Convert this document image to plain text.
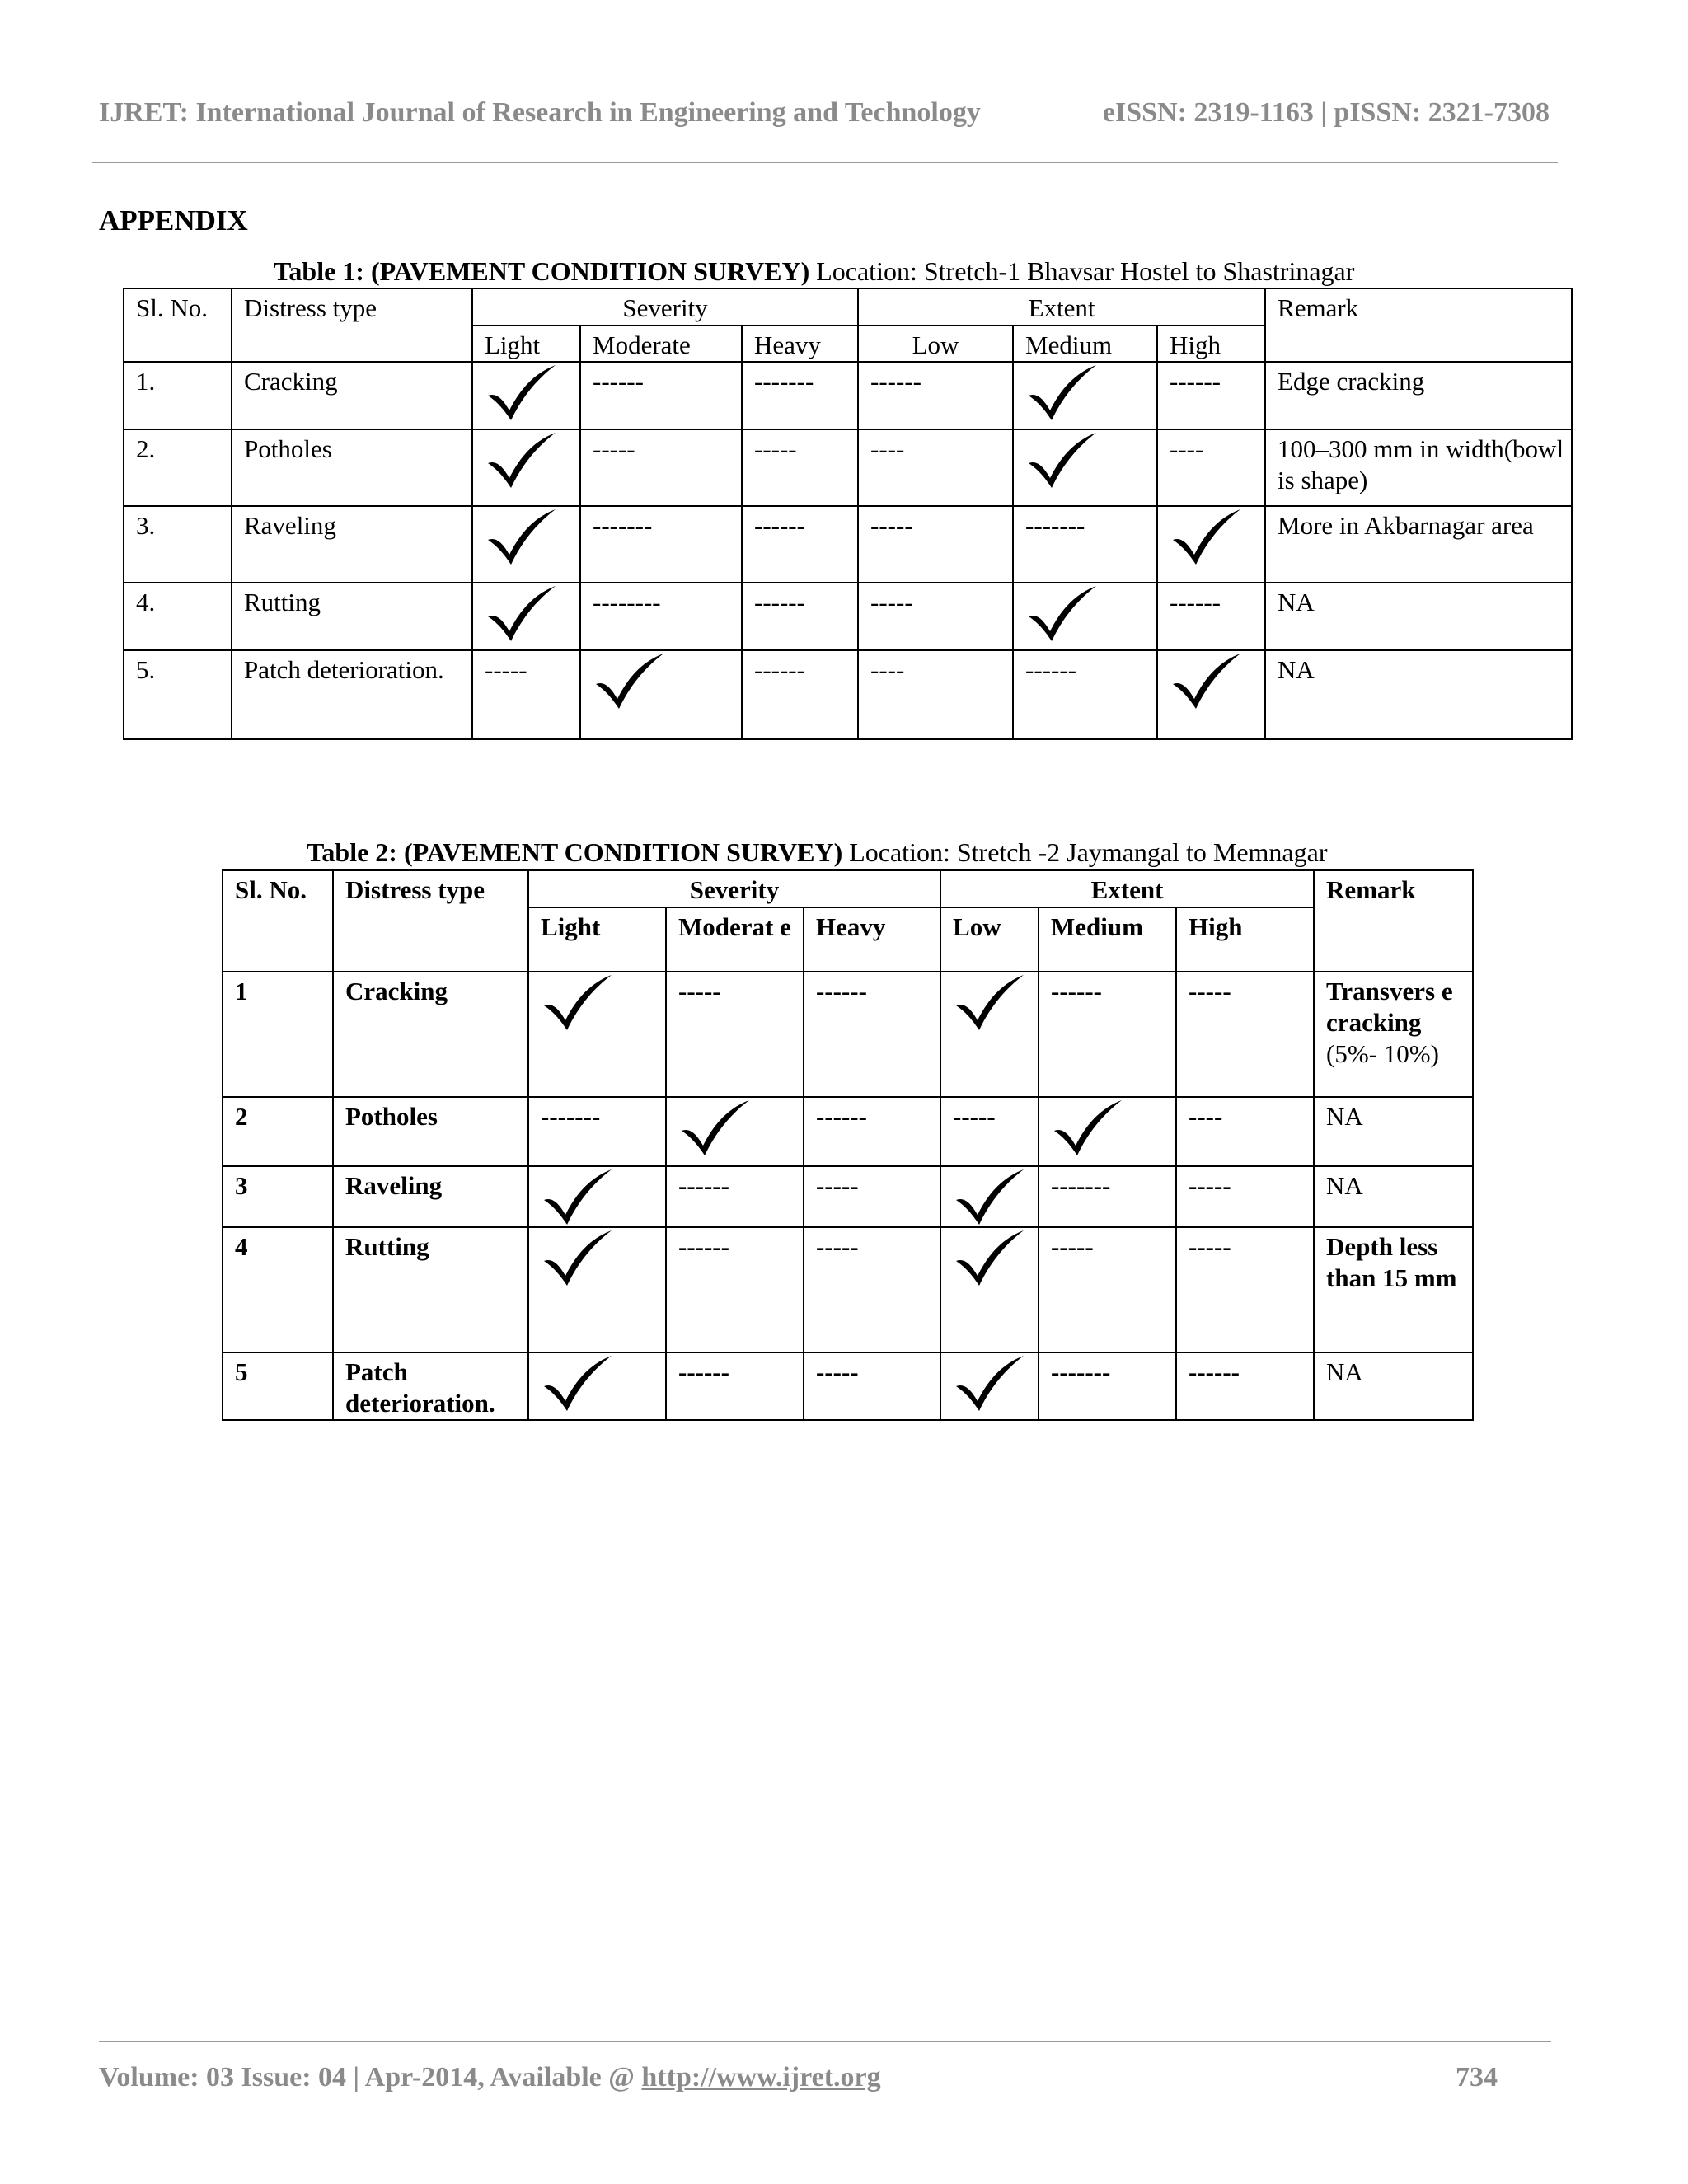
IJRET: International Journal of Research in Engineering and Technology	eISSN: 2319-1163 | pISSN: 2321-7308
APPENDIX
Table 1: (PAVEMENT CONDITION SURVEY) Location: Stretch-1 Bhavsar Hostel to Shastrinagar
Sl. No.	Distress type	Severity			Extent			Remark
		Light	Moderate	Heavy	Low	Medium	High	
1.	Cracking		------	-------	------		------	Edge cracking
2.	Potholes		-----	-----	----		----	100–300 mm in width(bowl is shape)
3.	Raveling		-------	------	-----	-------		More in Akbarnagar area
4.	Rutting		--------	------	-----		------	NA
5.	Patch deterioration.	-----		------	----	------		NA
Table 2: (PAVEMENT CONDITION SURVEY) Location: Stretch -2 Jaymangal to Memnagar
Sl. No.	Distress type	Severity			Extent			Remark
		Light	Moderat e	Heavy	Low	Medium	High	
1	Cracking		-----	------		------	-----	Transvers e cracking
(5%- 10%)
2	Potholes	-------		------	-----		----	NA
3	Raveling		------	-----		-------	-----	NA
4	Rutting		------	-----		-----	-----	Depth less than 15 mm
5	Patch deterioration.		------	-----		-------	------	NA
Volume: 03 Issue: 04 | Apr-2014, Available @ http://www.ijret.org	734
